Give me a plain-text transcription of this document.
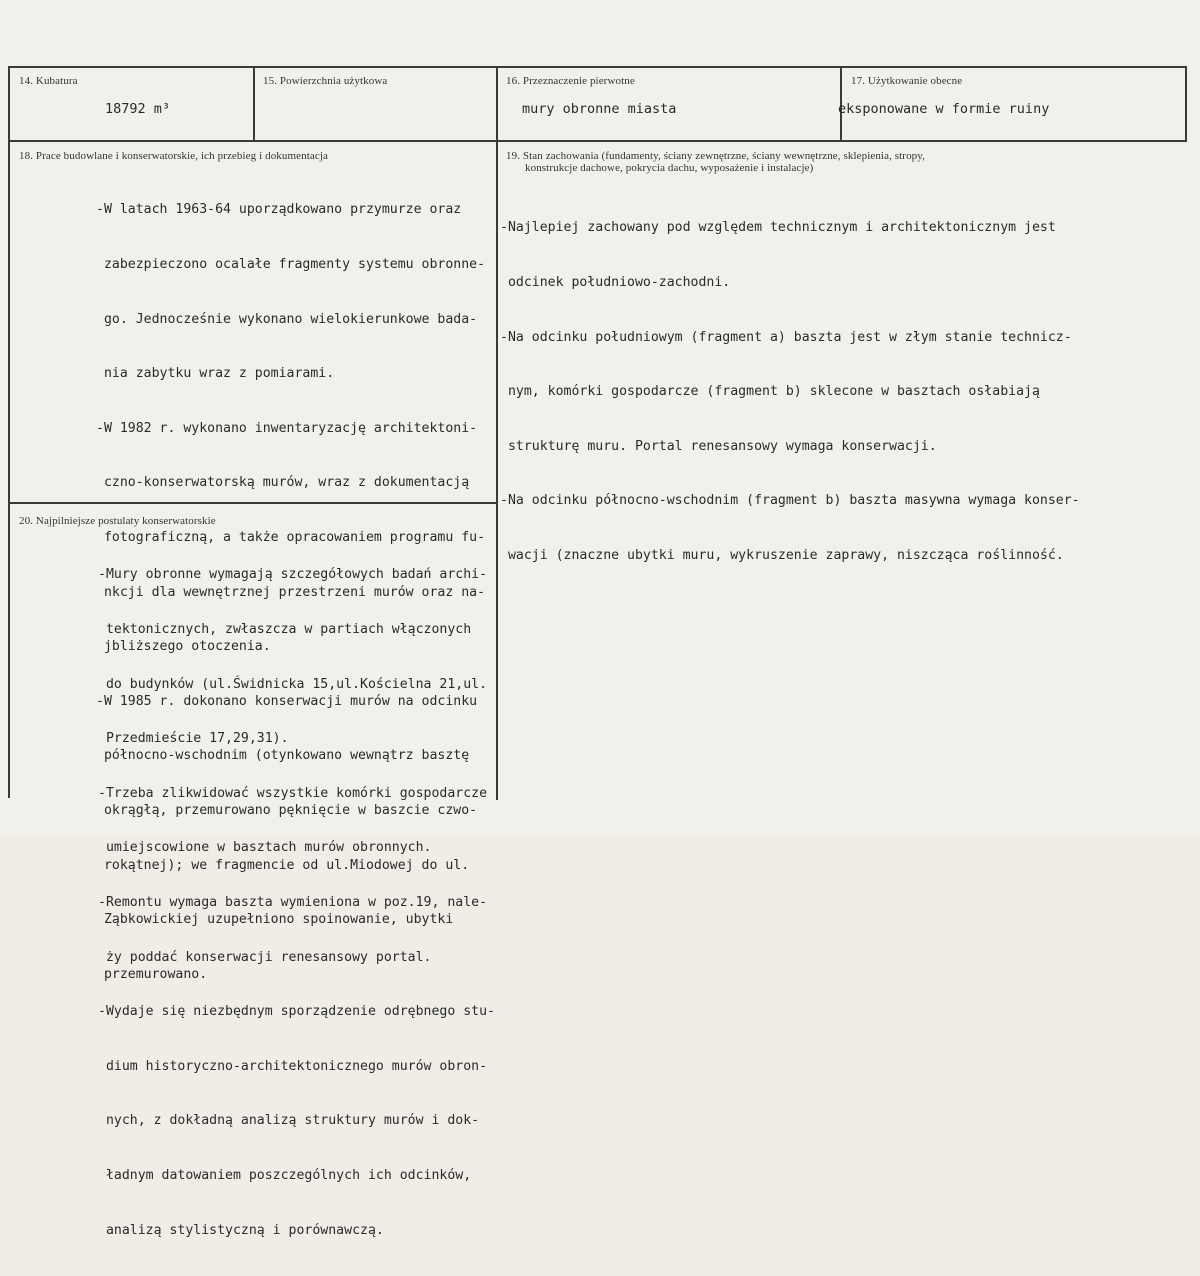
14. Kubatura
18792 m³
15. Powierzchnia użytkowa	16. Przeznaczenie pierwotne
mury obronne miasta
17. Użytkowanie obecne
eksponowane w formie ruiny
18. Prace budowlane i konserwatorskie, ich przebieg i dokumentacja

-W latach 1963-64 uporządkowano przymurze oraz

zabezpieczono ocalałe fragmenty systemu obronne-

go. Jednocześnie wykonano wielokierunkowe bada-

nia zabytku wraz z pomiarami.

-W 1982 r. wykonano inwentaryzację architektoni-

czno-konserwatorską murów, wraz z dokumentacją

fotograficzną, a także opracowaniem programu fu-

nkcji dla wewnętrznej przestrzeni murów oraz na-

jbliższego otoczenia.

-W 1985 r. dokonano konserwacji murów na odcinku

północno-wschodnim (otynkowano wewnątrz basztę

okrągłą, przemurowano pęknięcie w baszcie czwo-

rokątnej); we fragmencie od ul.Miodowej do ul.

Ząbkowickiej uzupełniono spoinowanie, ubytki

przemurowano.

19. Stan zachowania (fundamenty, ściany zewnętrzne, ściany wewnętrzne, sklepienia, stropy,
konstrukcje dachowe, pokrycia dachu, wyposażenie i instalacje)

-Najlepiej zachowany pod względem technicznym i architektonicznym jest

odcinek południowo-zachodni.

-Na odcinku południowym (fragment a) baszta jest w złym stanie technicz-

nym, komórki gospodarcze (fragment b) sklecone w basztach osłabiają

strukturę muru. Portal renesansowy wymaga konserwacji.

-Na odcinku północno-wschodnim (fragment b) baszta masywna wymaga konser-

wacji (znaczne ubytki muru, wykruszenie zaprawy, niszcząca roślinność.

20. Najpilniejsze postulaty konserwatorskie

-Mury obronne wymagają szczegółowych badań archi-

tektonicznych, zwłaszcza w partiach włączonych

do budynków (ul.Świdnicka 15,ul.Kościelna 21,ul.

Przedmieście 17,29,31).

-Trzeba zlikwidować wszystkie komórki gospodarcze

umiejscowione w basztach murów obronnych.

-Remontu wymaga baszta wymieniona w poz.19, nale-

ży poddać konserwacji renesansowy portal.

-Wydaje się niezbędnym sporządzenie odrębnego stu-

dium historyczno-architektonicznego murów obron-

nych, z dokładną analizą struktury murów i dok-

ładnym datowaniem poszczególnych ich odcinków,

analizą stylistyczną i porównawczą.
